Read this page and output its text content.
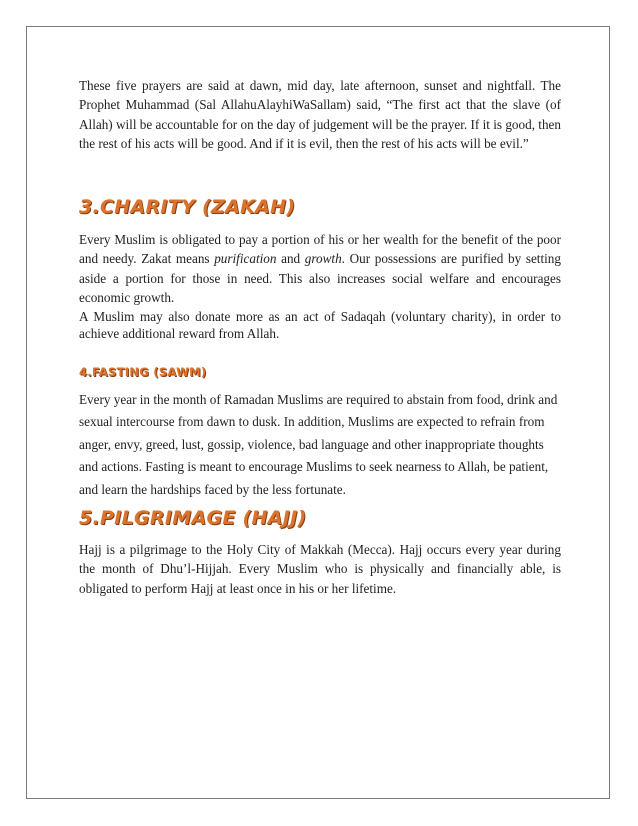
These five prayers are said at dawn, mid day, late afternoon, sunset and nightfall. The Prophet Muhammad (Sal AllahuAlayhiWaSallam) said, “The first act that the slave (of Allah) will be accountable for on the day of judgement will be the prayer. If it is good, then the rest of his acts will be good. And if it is evil, then the rest of his acts will be evil.”

3.CHARITY (ZAKAH)

Every Muslim is obligated to pay a portion of his or her wealth for the benefit of the poor and needy. Zakat means purification and growth. Our possessions are purified by setting aside a portion for those in need. This also increases social welfare and encourages economic growth.

A Muslim may also donate more as an act of Sadaqah (voluntary charity), in order to achieve additional reward from Allah.

4.FASTING (SAWM)

Every year in the month of Ramadan Muslims are required to abstain from food, drink and sexual intercourse from dawn to dusk. In addition, Muslims are expected to refrain from anger, envy, greed, lust, gossip, violence, bad language and other inappropriate thoughts and actions. Fasting is meant to encourage Muslims to seek nearness to Allah, be patient, and learn the hardships faced by the less fortunate.

5.PILGRIMAGE (HAJJ)

Hajj is a pilgrimage to the Holy City of Makkah (Mecca). Hajj occurs every year during the month of Dhu’l-Hijjah. Every Muslim who is physically and financially able, is obligated to perform Hajj at least once in his or her lifetime.
